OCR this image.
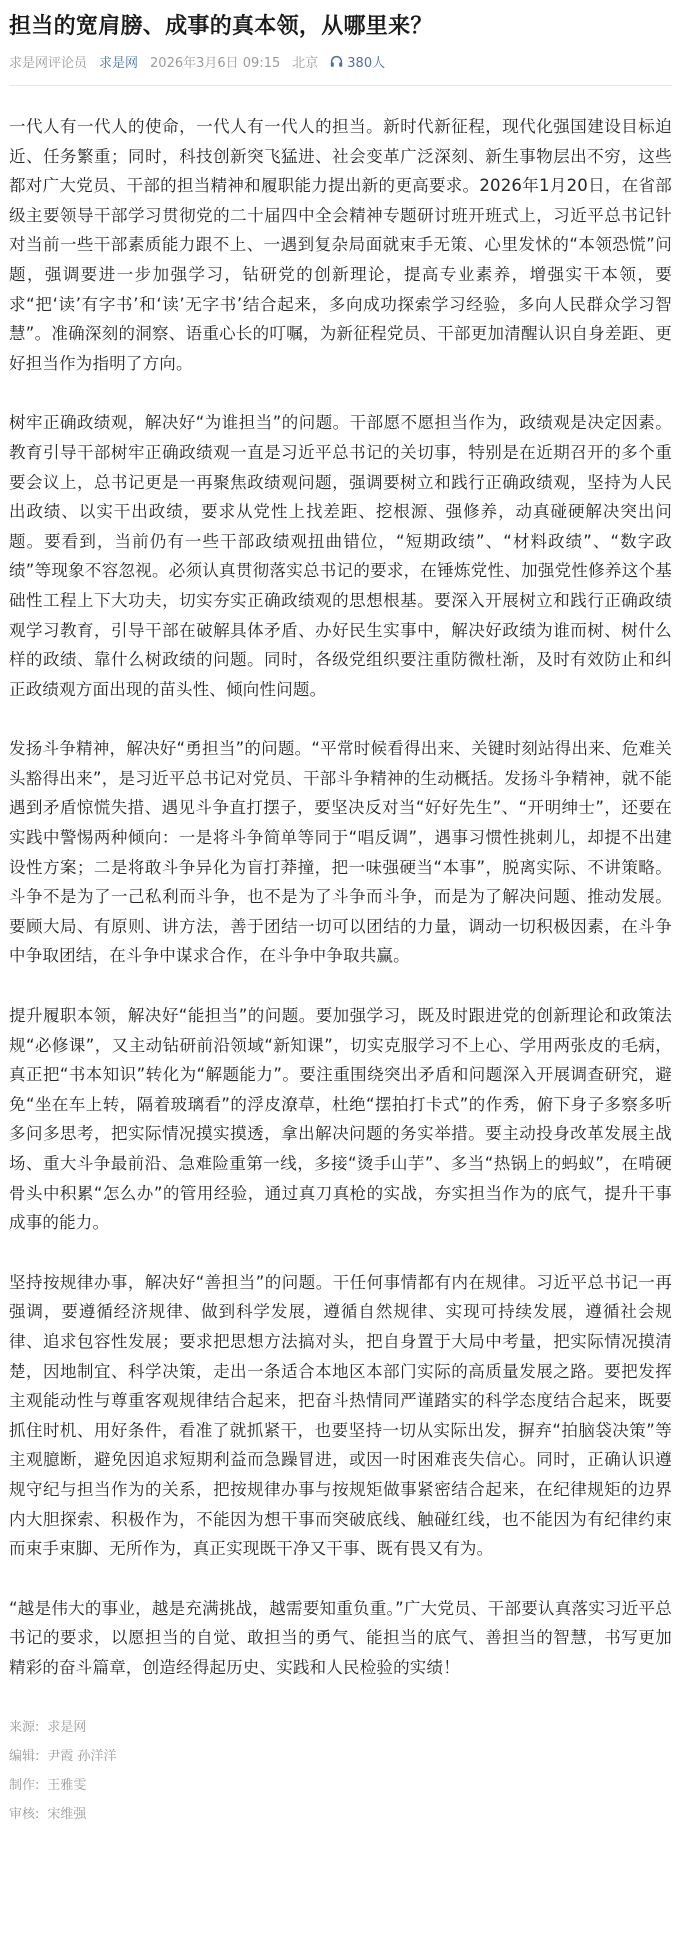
担当的宽肩膀、成事的真本领，从哪里来？
求是网评论员 求是网 2026年3月6日 09:15 北京 380人

一代人有一代人的使命，一代人有一代人的担当。新时代新征程，现代化强国建设目标迫近、任务繁重；同时，科技创新突飞猛进、社会变革广泛深刻、新生事物层出不穷，这些都对广大党员、干部的担当精神和履职能力提出新的更高要求。2026年1月20日，在省部级主要领导干部学习贯彻党的二十届四中全会精神专题研讨班开班式上，习近平总书记针对当前一些干部素质能力跟不上、一遇到复杂局面就束手无策、心里发怵的“本领恐慌”问题，强调要进一步加强学习，钻研党的创新理论，提高专业素养，增强实干本领，要求“把‘读’有字书’和‘读’无字书’结合起来，多向成功探索学习经验，多向人民群众学习智慧”。准确深刻的洞察、语重心长的叮嘱，为新征程党员、干部更加清醒认识自身差距、更好担当作为指明了方向。

树牢正确政绩观，解决好“为谁担当”的问题。干部愿不愿担当作为，政绩观是决定因素。教育引导干部树牢正确政绩观一直是习近平总书记的关切事，特别是在近期召开的多个重要会议上，总书记更是一再聚焦政绩观问题，强调要树立和践行正确政绩观，坚持为人民出政绩、以实干出政绩，要求从党性上找差距、挖根源、强修养，动真碰硬解决突出问题。要看到，当前仍有一些干部政绩观扭曲错位，“短期政绩”、“材料政绩”、“数字政绩”等现象不容忽视。必须认真贯彻落实总书记的要求，在锤炼党性、加强党性修养这个基础性工程上下大功夫，切实夯实正确政绩观的思想根基。要深入开展树立和践行正确政绩观学习教育，引导干部在破解具体矛盾、办好民生实事中，解决好政绩为谁而树、树什么样的政绩、靠什么树政绩的问题。同时，各级党组织要注重防微杜渐，及时有效防止和纠正政绩观方面出现的苗头性、倾向性问题。

发扬斗争精神，解决好“勇担当”的问题。“平常时候看得出来、关键时刻站得出来、危难关头豁得出来”，是习近平总书记对党员、干部斗争精神的生动概括。发扬斗争精神，就不能遇到矛盾惊慌失措、遇见斗争直打摆子，要坚决反对当“好好先生”、“开明绅士”，还要在实践中警惕两种倾向：一是将斗争简单等同于“唱反调”，遇事习惯性挑刺儿，却提不出建设性方案；二是将敢斗争异化为盲打莽撞，把一味强硬当“本事”，脱离实际、不讲策略。斗争不是为了一己私利而斗争，也不是为了斗争而斗争，而是为了解决问题、推动发展。要顾大局、有原则、讲方法，善于团结一切可以团结的力量，调动一切积极因素，在斗争中争取团结，在斗争中谋求合作，在斗争中争取共赢。

提升履职本领，解决好“能担当”的问题。要加强学习，既及时跟进党的创新理论和政策法规“必修课”，又主动钻研前沿领域“新知课”，切实克服学习不上心、学用两张皮的毛病，真正把“书本知识”转化为“解题能力”。要注重围绕突出矛盾和问题深入开展调查研究，避免“坐在车上转，隔着玻璃看”的浮皮潦草，杜绝“摆拍打卡式”的作秀，俯下身子多察多听多问多思考，把实际情况摸实摸透，拿出解决问题的务实举措。要主动投身改革发展主战场、重大斗争最前沿、急难险重第一线，多接“烫手山芋”、多当“热锅上的蚂蚁”，在啃硬骨头中积累“怎么办”的管用经验，通过真刀真枪的实战，夯实担当作为的底气，提升干事成事的能力。

坚持按规律办事，解决好“善担当”的问题。干任何事情都有内在规律。习近平总书记一再强调，要遵循经济规律、做到科学发展，遵循自然规律、实现可持续发展，遵循社会规律、追求包容性发展；要求把思想方法搞对头，把自身置于大局中考量，把实际情况摸清楚，因地制宜、科学决策，走出一条适合本地区本部门实际的高质量发展之路。要把发挥主观能动性与尊重客观规律结合起来，把奋斗热情同严谨踏实的科学态度结合起来，既要抓住时机、用好条件，看准了就抓紧干，也要坚持一切从实际出发，摒弃“拍脑袋决策”等主观臆断，避免因追求短期利益而急躁冒进，或因一时困难丧失信心。同时，正确认识遵规守纪与担当作为的关系，把按规律办事与按规矩做事紧密结合起来，在纪律规矩的边界内大胆探索、积极作为，不能因为想干事而突破底线、触碰红线，也不能因为有纪律约束而束手束脚、无所作为，真正实现既干净又干事、既有畏又有为。

“越是伟大的事业，越是充满挑战，越需要知重负重。”广大党员、干部要认真落实习近平总书记的要求，以愿担当的自觉、敢担当的勇气、能担当的底气、善担当的智慧，书写更加精彩的奋斗篇章，创造经得起历史、实践和人民检验的实绩！

来源: 求是网
编辑: 尹霞 孙洋洋
制作: 王雅雯
审核: 宋维强
